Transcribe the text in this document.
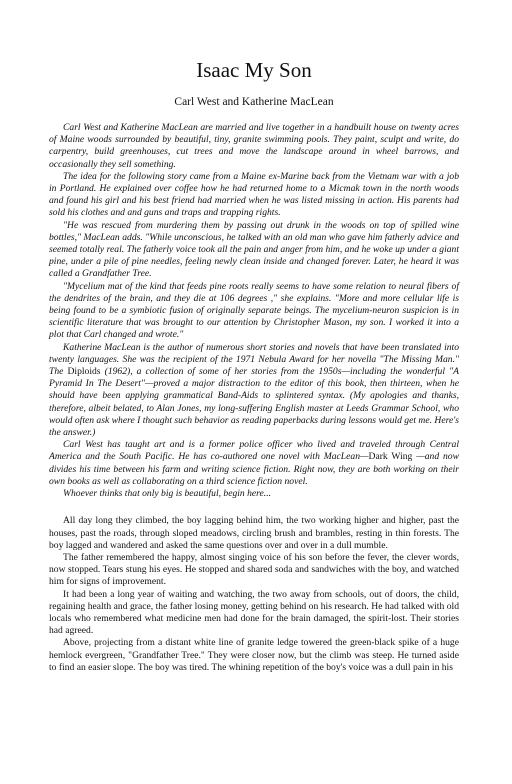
Isaac My Son
Carl West and Katherine MacLean

Carl West and Katherine MacLean are married and live together in a handbuilt house on twenty acres of Maine woods surrounded by beautiful, tiny, granite swimming pools. They paint, sculpt and write, do carpentry, build greenhouses, cut trees and move the landscape around in wheel barrows, and occasionally they sell something.

The idea for the following story came from a Maine ex-Marine back from the Vietnam war with a job in Portland. He explained over coffee how he had returned home to a Micmak town in the north woods and found his girl and his best friend had married when he was listed missing in action. His parents had sold his clothes and and guns and traps and trapping rights.

"He was rescued from murdering them by passing out drunk in the woods on top of spilled wine bottles," MacLean adds. "While unconscious, he talked with an old man who gave him fatherly advice and seemed totally real. The fatherly voice took all the pain and anger from him, and he woke up under a giant pine, under a pile of pine needles, feeling newly clean inside and changed forever. Later, he heard it was called a Grandfather Tree.

"Mycelium mat of the kind that feeds pine roots really seems to have some relation to neural fibers of the dendrites of the brain, and they die at 106 degrees ," she explains. "More and more cellular life is being found to be a symbiotic fusion of originally separate beings. The mycelium-neuron suspicion is in scientific literature that was brought to our attention by Christopher Mason, my son. I worked it into a plot that Carl changed and wrote."

Katherine MacLean is the author of numerous short stories and novels that have been translated into twenty languages. She was the recipient of the 1971 Nebula Award for her novella "The Missing Man." The Diploids (1962), a collection of some of her stories from the 1950s—including the wonderful "A Pyramid In The Desert"—proved a major distraction to the editor of this book, then thirteen, when he should have been applying grammatical Band-Aids to splintered syntax. (My apologies and thanks, therefore, albeit belated, to Alan Jones, my long-suffering English master at Leeds Grammar School, who would often ask where I thought such behavior as reading paperbacks during lessons would get me. Here's the answer.)

Carl West has taught art and is a former police officer who lived and traveled through Central America and the South Pacific. He has co-authored one novel with MacLean—Dark Wing —and now divides his time between his farm and writing science fiction. Right now, they are both working on their own books as well as collaborating on a third science fiction novel.

Whoever thinks that only big is beautiful, begin here...

All day long they climbed, the boy lagging behind him, the two working higher and higher, past the houses, past the roads, through sloped meadows, circling brush and brambles, resting in thin forests. The boy lagged and wandered and asked the same questions over and over in a dull mumble.

The father remembered the happy, almost singing voice of his son before the fever, the clever words, now stopped. Tears stung his eyes. He stopped and shared soda and sandwiches with the boy, and watched him for signs of improvement.

It had been a long year of waiting and watching, the two away from schools, out of doors, the child, regaining health and grace, the father losing money, getting behind on his research. He had talked with old locals who remembered what medicine men had done for the brain damaged, the spirit-lost. Their stories had agreed.

Above, projecting from a distant white line of granite ledge towered the green-black spike of a huge hemlock evergreen, "Grandfather Tree." They were closer now, but the climb was steep. He turned aside to find an easier slope. The boy was tired. The whining repetition of the boy's voice was a dull pain in his
